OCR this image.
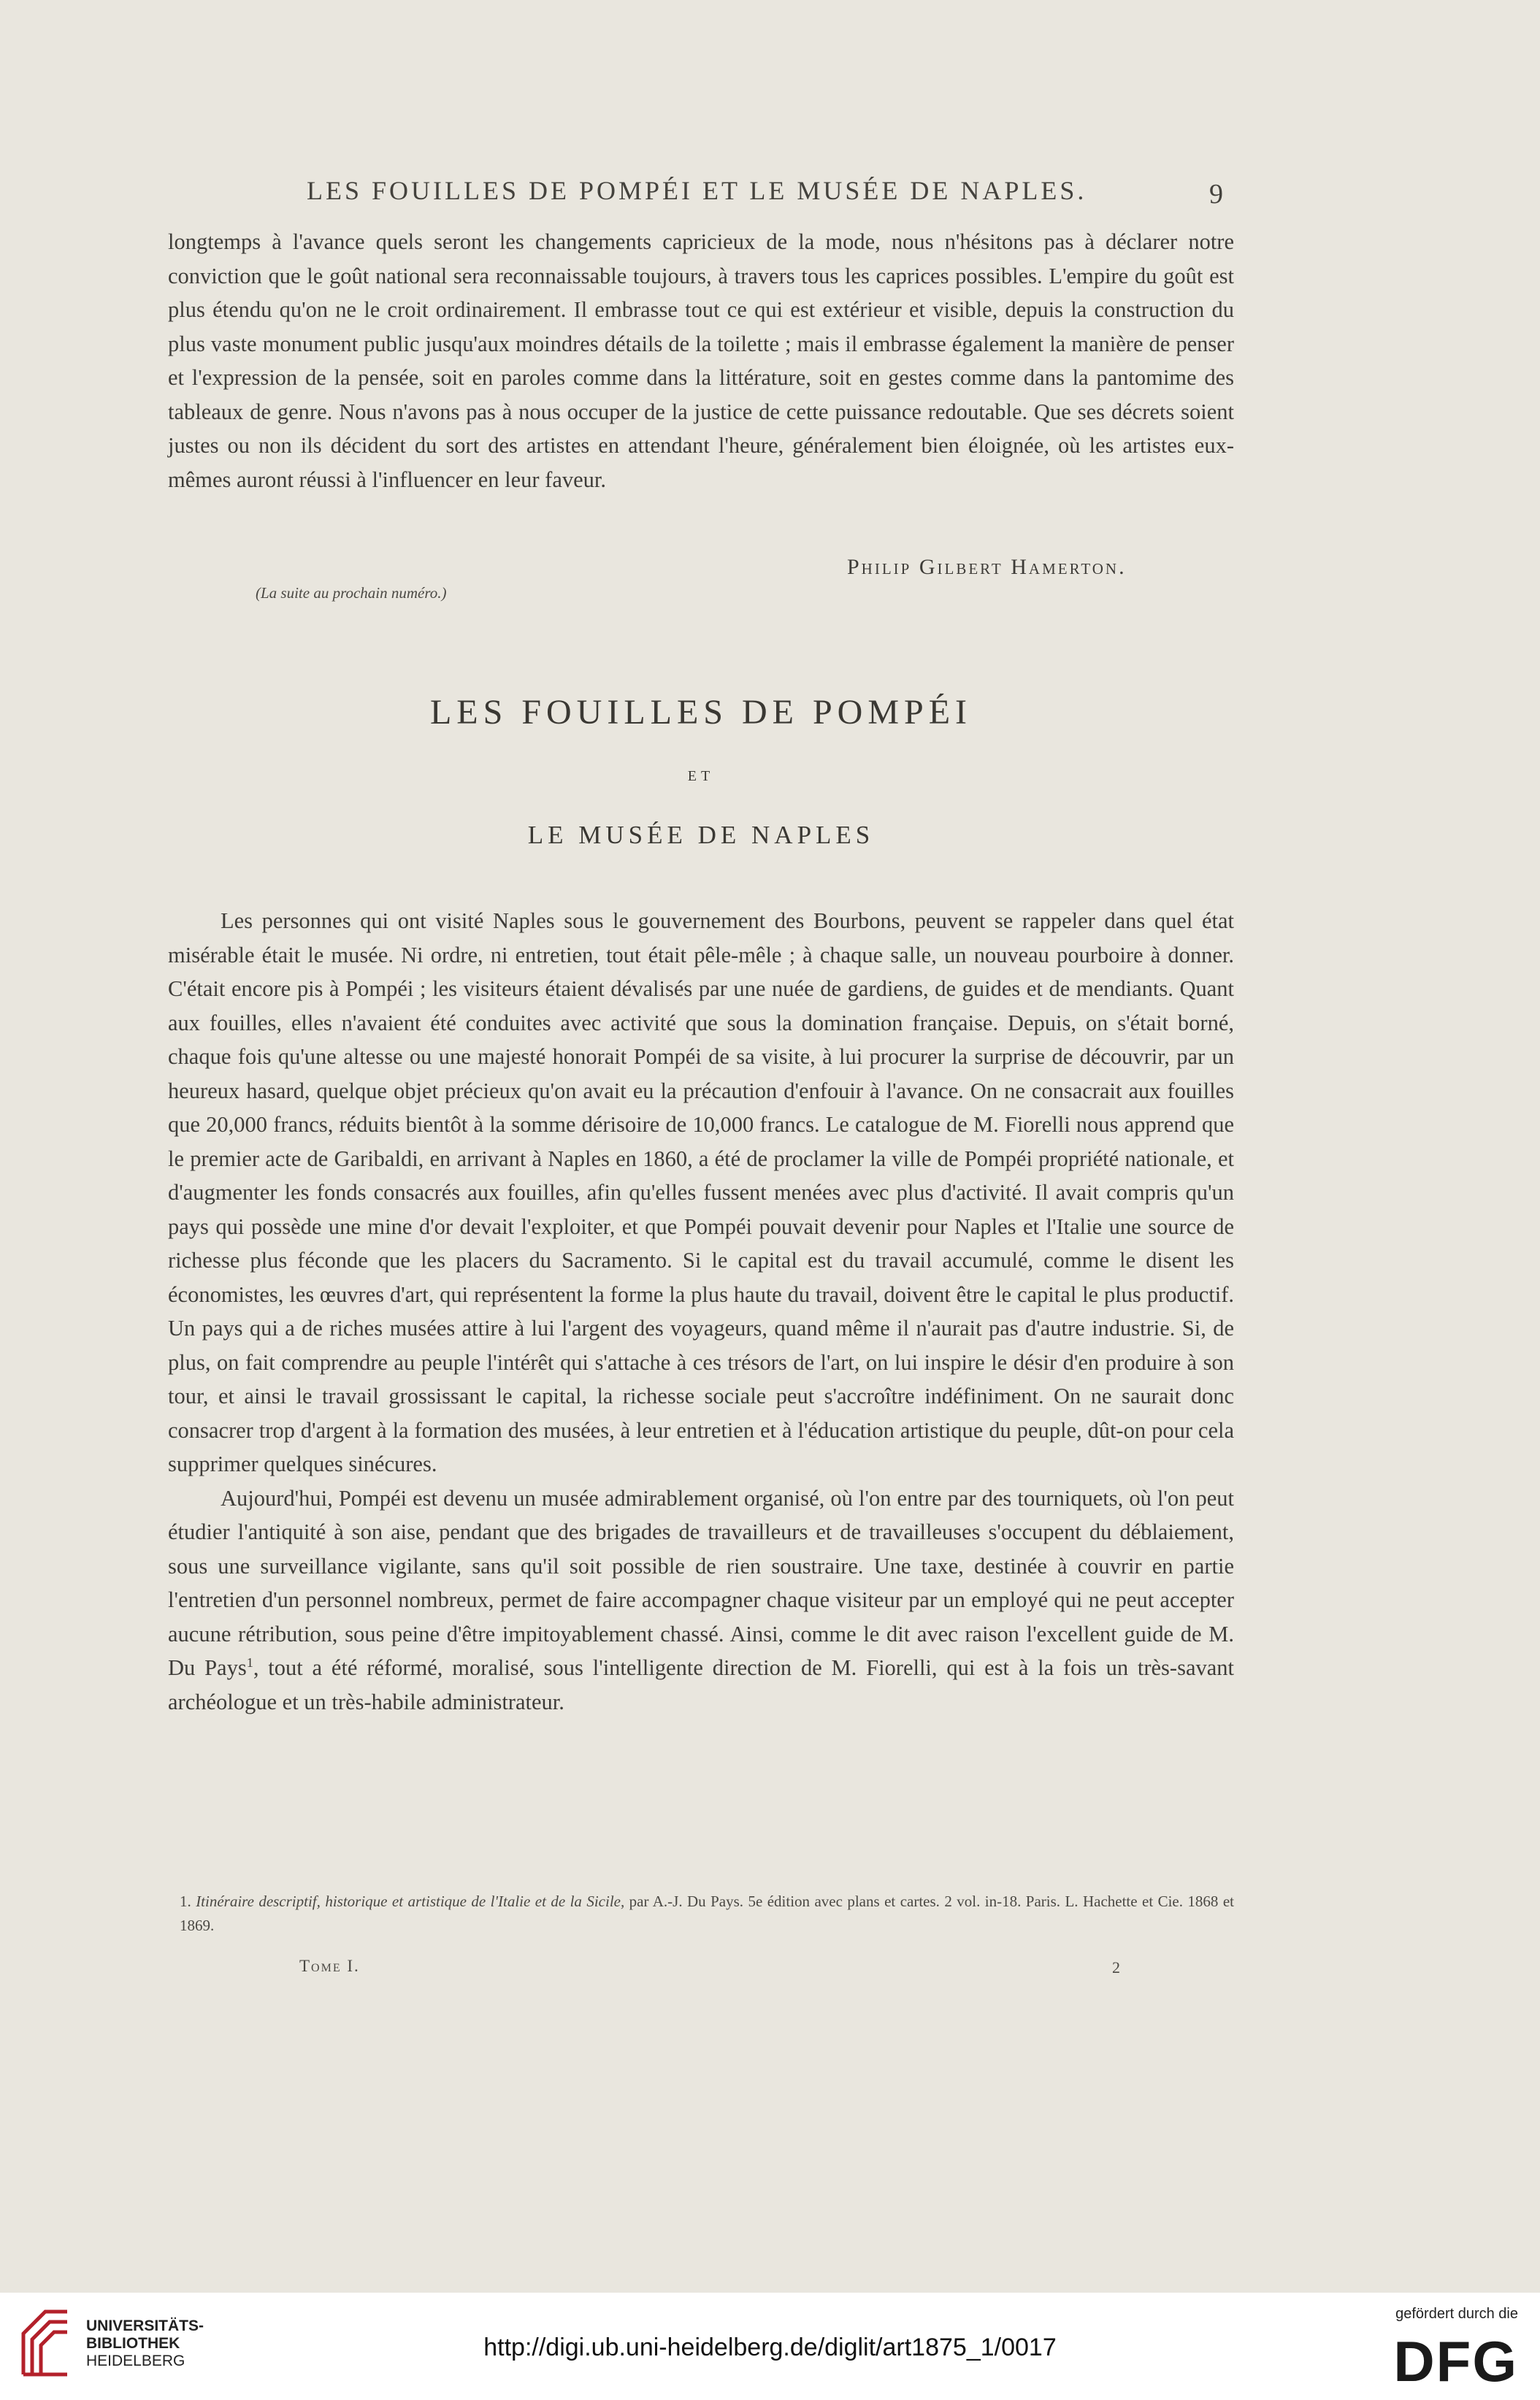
LES FOUILLES DE POMPÉI ET LE MUSÉE DE NAPLES.	9

longtemps à l'avance quels seront les changements capricieux de la mode, nous n'hésitons pas à déclarer notre conviction que le goût national sera reconnaissable toujours, à travers tous les caprices possibles. L'empire du goût est plus étendu qu'on ne le croit ordinairement. Il embrasse tout ce qui est extérieur et visible, depuis la construction du plus vaste monument public jusqu'aux moindres détails de la toilette ; mais il embrasse également la manière de penser et l'expression de la pensée, soit en paroles comme dans la littérature, soit en gestes comme dans la pantomime des tableaux de genre. Nous n'avons pas à nous occuper de la justice de cette puissance redoutable. Que ses décrets soient justes ou non ils décident du sort des artistes en attendant l'heure, généralement bien éloignée, où les artistes eux-mêmes auront réussi à l'influencer en leur faveur.

Philip Gilbert Hamerton.
(La suite au prochain numéro.)
LES FOUILLES DE POMPÉI
ET
LE MUSÉE DE NAPLES

Les personnes qui ont visité Naples sous le gouvernement des Bourbons, peuvent se rappeler dans quel état misérable était le musée. Ni ordre, ni entretien, tout était pêle-mêle ; à chaque salle, un nouveau pourboire à donner. C'était encore pis à Pompéi ; les visiteurs étaient dévalisés par une nuée de gardiens, de guides et de mendiants. Quant aux fouilles, elles n'avaient été conduites avec activité que sous la domination française. Depuis, on s'était borné, chaque fois qu'une altesse ou une majesté honorait Pompéi de sa visite, à lui procurer la surprise de découvrir, par un heureux hasard, quelque objet précieux qu'on avait eu la précaution d'enfouir à l'avance. On ne consacrait aux fouilles que 20,000 francs, réduits bientôt à la somme dérisoire de 10,000 francs. Le catalogue de M. Fiorelli nous apprend que le premier acte de Garibaldi, en arrivant à Naples en 1860, a été de proclamer la ville de Pompéi propriété nationale, et d'augmenter les fonds consacrés aux fouilles, afin qu'elles fussent menées avec plus d'activité. Il avait compris qu'un pays qui possède une mine d'or devait l'exploiter, et que Pompéi pouvait devenir pour Naples et l'Italie une source de richesse plus féconde que les placers du Sacramento. Si le capital est du travail accumulé, comme le disent les économistes, les œuvres d'art, qui représentent la forme la plus haute du travail, doivent être le capital le plus productif. Un pays qui a de riches musées attire à lui l'argent des voyageurs, quand même il n'aurait pas d'autre industrie. Si, de plus, on fait comprendre au peuple l'intérêt qui s'attache à ces trésors de l'art, on lui inspire le désir d'en produire à son tour, et ainsi le travail grossissant le capital, la richesse sociale peut s'accroître indéfiniment. On ne saurait donc consacrer trop d'argent à la formation des musées, à leur entretien et à l'éducation artistique du peuple, dût-on pour cela supprimer quelques sinécures.

Aujourd'hui, Pompéi est devenu un musée admirablement organisé, où l'on entre par des tourniquets, où l'on peut étudier l'antiquité à son aise, pendant que des brigades de travailleurs et de travailleuses s'occupent du déblaiement, sous une surveillance vigilante, sans qu'il soit possible de rien soustraire. Une taxe, destinée à couvrir en partie l'entretien d'un personnel nombreux, permet de faire accompagner chaque visiteur par un employé qui ne peut accepter aucune rétribution, sous peine d'être impitoyablement chassé. Ainsi, comme le dit avec raison l'excellent guide de M. Du Pays$^1$, tout a été réformé, moralisé, sous l'intelligente direction de M. Fiorelli, qui est à la fois un très-savant archéologue et un très-habile administrateur.

1. Itinéraire descriptif, historique et artistique de l'Italie et de la Sicile, par A.-J. Du Pays. 5e édition avec plans et cartes. 2 vol. in-18. Paris. L. Hachette et Cie. 1868 et 1869.
Tome I.	2
UNIVERSITÄTS-
BIBLIOTHEK
HEIDELBERG	http://digi.ub.uni-heidelberg.de/diglit/art1875_1/0017
gefördert durch die
DFG
